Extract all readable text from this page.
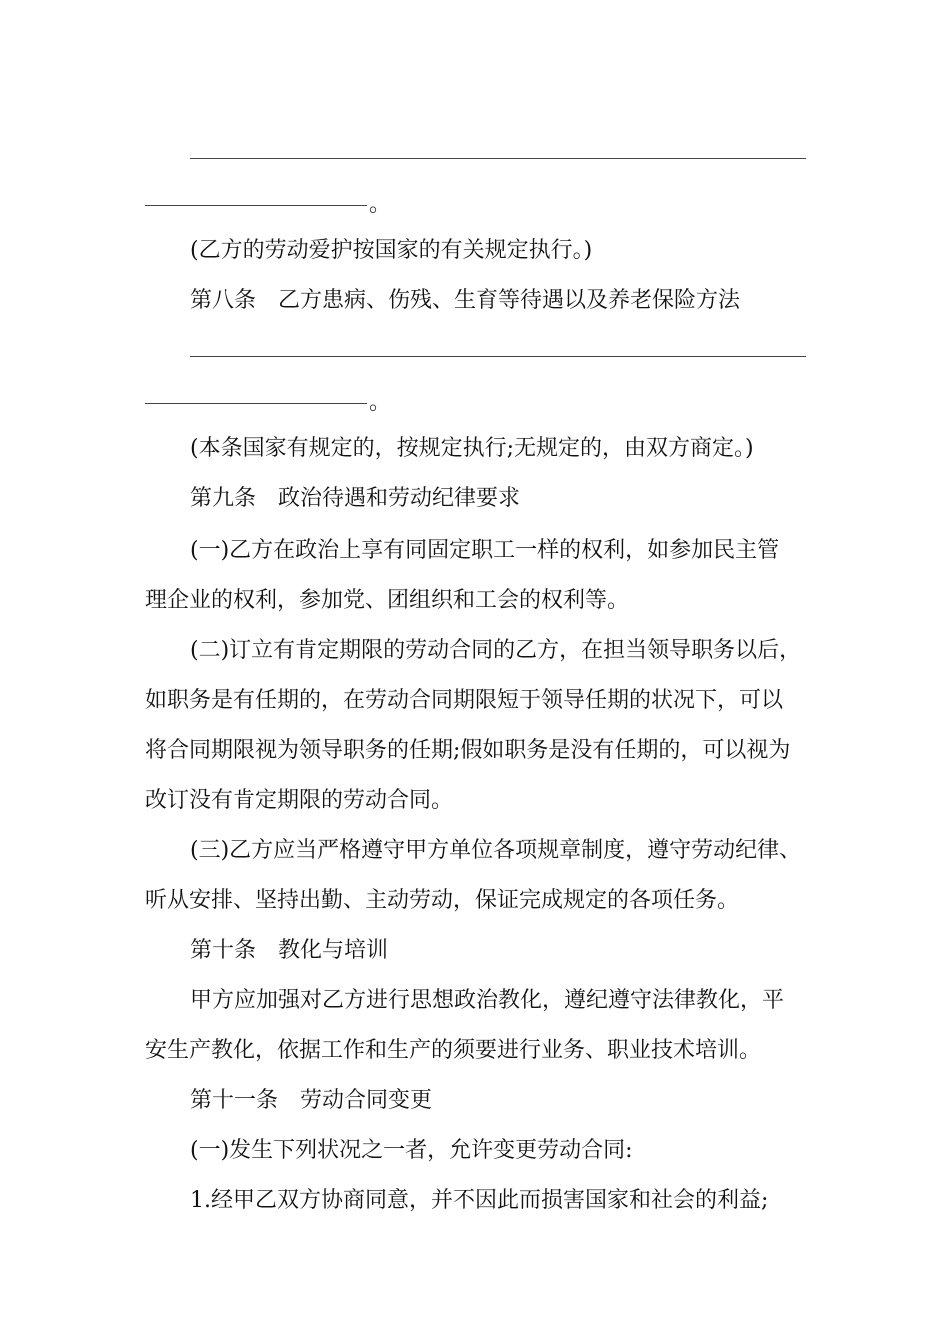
。
(乙方的劳动爱护按国家的有关规定执行。)
第八条 乙方患病、伤残、生育等待遇以及养老保险方法
。
(本条国家有规定的，按规定执行;无规定的，由双方商定。)
第九条 政治待遇和劳动纪律要求
(一)乙方在政治上享有同固定职工一样的权利，如参加民主管
理企业的权利，参加党、团组织和工会的权利等。
(二)订立有肯定期限的劳动合同的乙方，在担当领导职务以后，
如职务是有任期的，在劳动合同期限短于领导任期的状况下，可以
将合同期限视为领导职务的任期;假如职务是没有任期的，可以视为
改订没有肯定期限的劳动合同。
(三)乙方应当严格遵守甲方单位各项规章制度，遵守劳动纪律、
听从安排、坚持出勤、主动劳动，保证完成规定的各项任务。
第十条 教化与培训
甲方应加强对乙方进行思想政治教化，遵纪遵守法律教化，平
安生产教化，依据工作和生产的须要进行业务、职业技术培训。
第十一条 劳动合同变更
(一)发生下列状况之一者，允许变更劳动合同:
1.经甲乙双方协商同意，并不因此而损害国家和社会的利益;
